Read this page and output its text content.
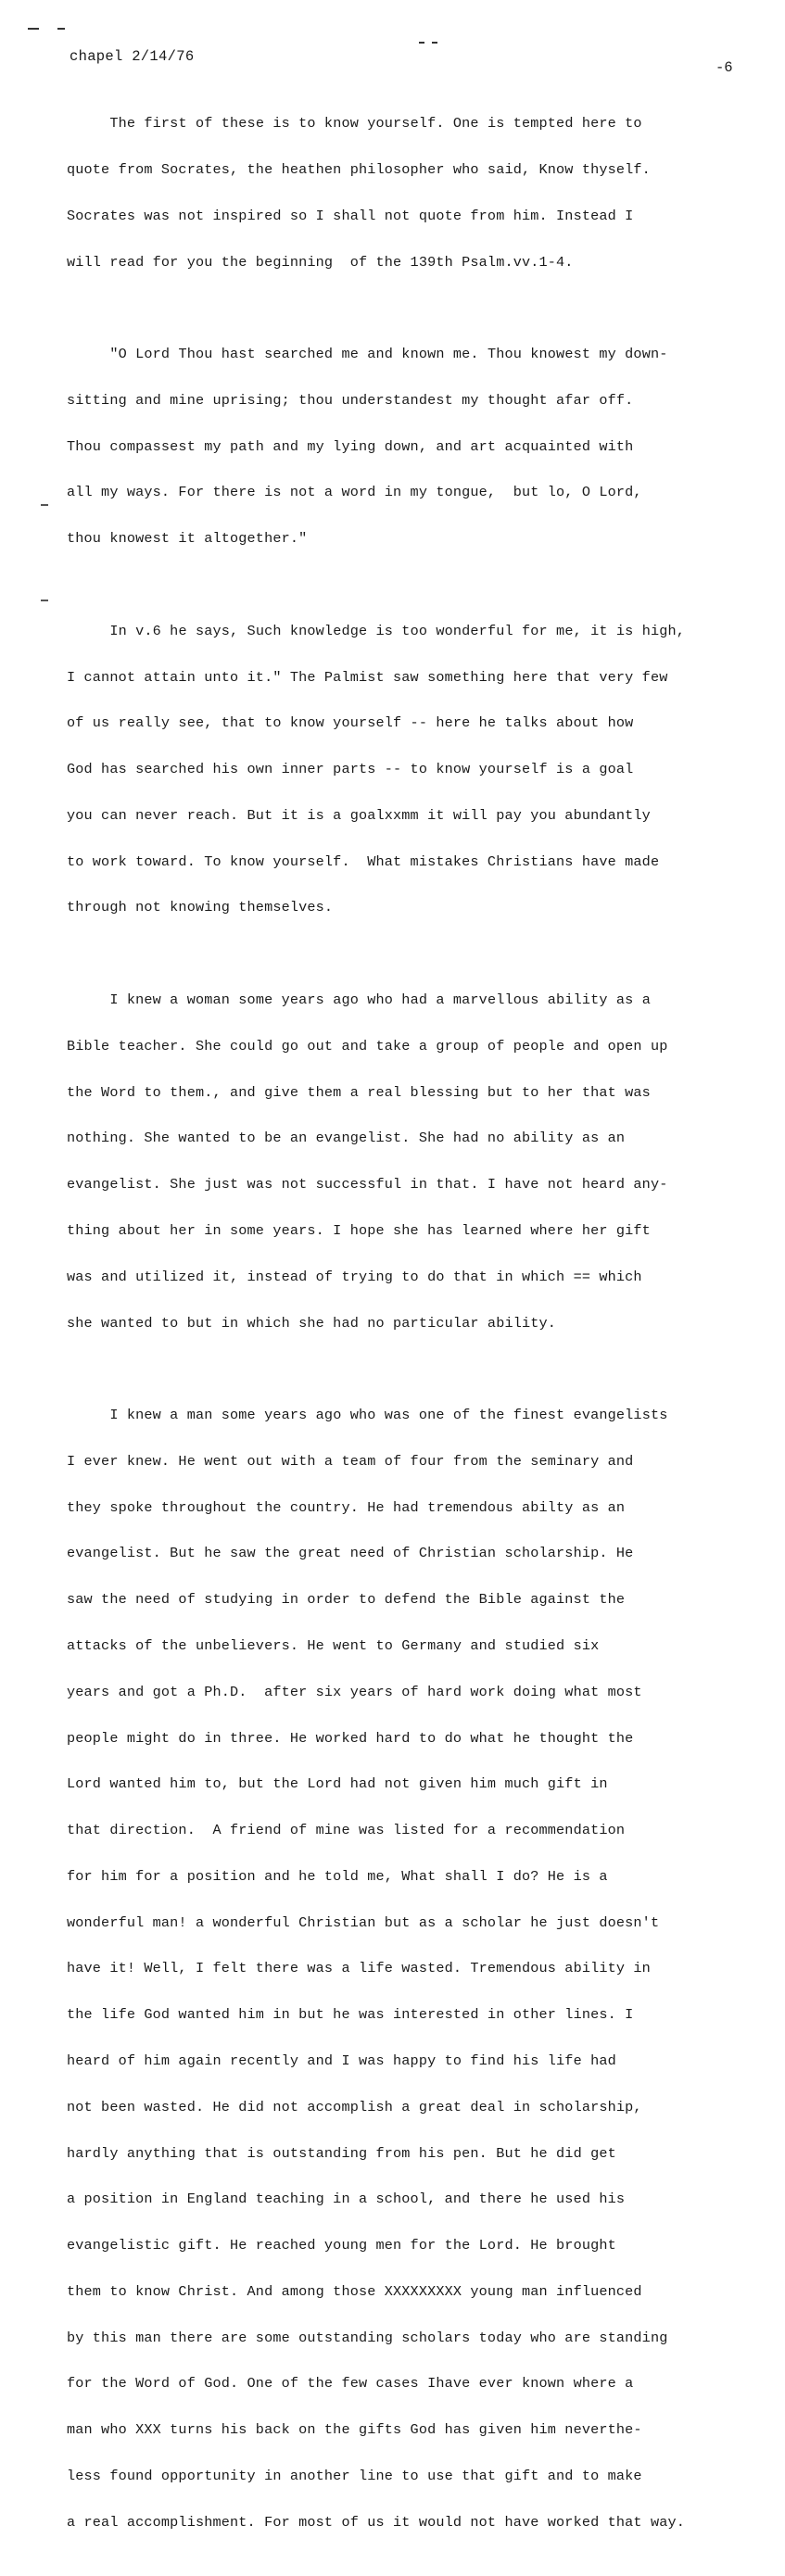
chapel 2/14/76
-6

The first of these is to know yourself. One is tempted here to

quote from Socrates, the heathen philosopher who said, Know thyself.

Socrates was not inspired so I shall not quote from him. Instead I

will read for you the beginning  of the 139th Psalm.vv.1-4.

"O Lord Thou hast searched me and known me. Thou knowest my down-

sitting and mine uprising; thou understandest my thought afar off.

Thou compassest my path and my lying down, and art acquainted with

all my ways. For there is not a word in my tongue,  but lo, O Lord,

thou knowest it altogether."

In v.6 he says, Such knowledge is too wonderful for me, it is high,

I cannot attain unto it." The Palmist saw something here that very few

of us really see, that to know yourself -- here he talks about how

God has searched his own inner parts -- to know yourself is a goal

you can never reach. But it is a goalxxmm it will pay you abundantly

to work toward. To know yourself.  What mistakes Christians have made

through not knowing themselves.

I knew a woman some years ago who had a marvellous ability as a

Bible teacher. She could go out and take a group of people and open up

the Word to them., and give them a real blessing but to her that was

nothing. She wanted to be an evangelist. She had no ability as an

evangelist. She just was not successful in that. I have not heard any-

thing about her in some years. I hope she has learned where her gift

was and utilized it, instead of trying to do that in which == which

she wanted to but in which she had no particular ability.

I knew a man some years ago who was one of the finest evangelists

I ever knew. He went out with a team of four from the seminary and

they spoke throughout the country. He had tremendous abilty as an

evangelist. But he saw the great need of Christian scholarship. He

saw the need of studying in order to defend the Bible against the

attacks of the unbelievers. He went to Germany and studied six

years and got a Ph.D.  after six years of hard work doing what most

people might do in three. He worked hard to do what he thought the

Lord wanted him to, but the Lord had not given him much gift in

that direction.  A friend of mine was listed for a recommendation

for him for a position and he told me, What shall I do? He is a

wonderful man! a wonderful Christian but as a scholar he just doesn't

have it! Well, I felt there was a life wasted. Tremendous ability in

the life God wanted him in but he was interested in other lines. I

heard of him again recently and I was happy to find his life had

not been wasted. He did not accomplish a great deal in scholarship,

hardly anything that is outstanding from his pen. But he did get

a position in England teaching in a school, and there he used his

evangelistic gift. He reached young men for the Lord. He brought

them to know Christ. And among those XXXXXXXXX young man influenced

by this man there are some outstanding scholars today who are standing

for the Word of God. One of the few cases Ihave ever known where a

man who XXX turns his back on the gifts God has given him neverthe-

less found opportunity in another line to use that gift and to make

a real accomplishment. For most of us it would not have worked that way.
